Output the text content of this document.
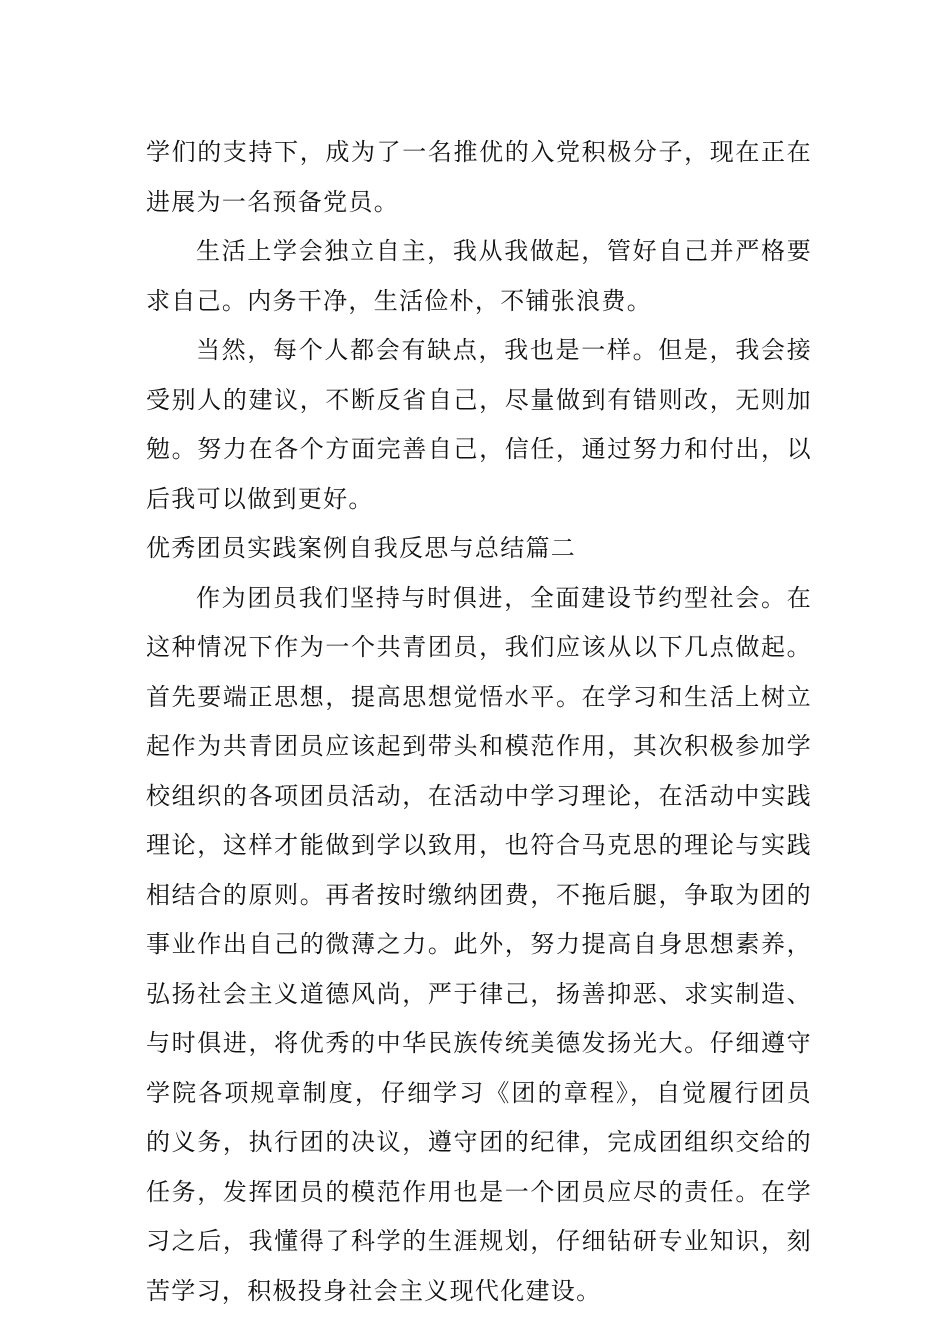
学们的支持下，成为了一名推优的入党积极分子，现在正在进展为一名预备党员。

生活上学会独立自主，我从我做起，管好自己并严格要求自己。内务干净，生活俭朴，不铺张浪费。

当然，每个人都会有缺点，我也是一样。但是，我会接受别人的建议，不断反省自己，尽量做到有错则改，无则加勉。努力在各个方面完善自己，信任，通过努力和付出，以后我可以做到更好。

优秀团员实践案例自我反思与总结篇二

作为团员我们坚持与时俱进，全面建设节约型社会。在这种情况下作为一个共青团员，我们应该从以下几点做起。首先要端正思想，提高思想觉悟水平。在学习和生活上树立起作为共青团员应该起到带头和模范作用，其次积极参加学校组织的各项团员活动，在活动中学习理论，在活动中实践理论，这样才能做到学以致用，也符合马克思的理论与实践相结合的原则。再者按时缴纳团费，不拖后腿，争取为团的事业作出自己的微薄之力。此外，努力提高自身思想素养，弘扬社会主义道德风尚，严于律己，扬善抑恶、求实制造、与时俱进，将优秀的中华民族传统美德发扬光大。仔细遵守学院各项规章制度，仔细学习《团的章程》，自觉履行团员的义务，执行团的决议，遵守团的纪律，完成团组织交给的任务，发挥团员的模范作用也是一个团员应尽的责任。在学习之后，我懂得了科学的生涯规划，仔细钻研专业知识，刻苦学习，积极投身社会主义现代化建设。
